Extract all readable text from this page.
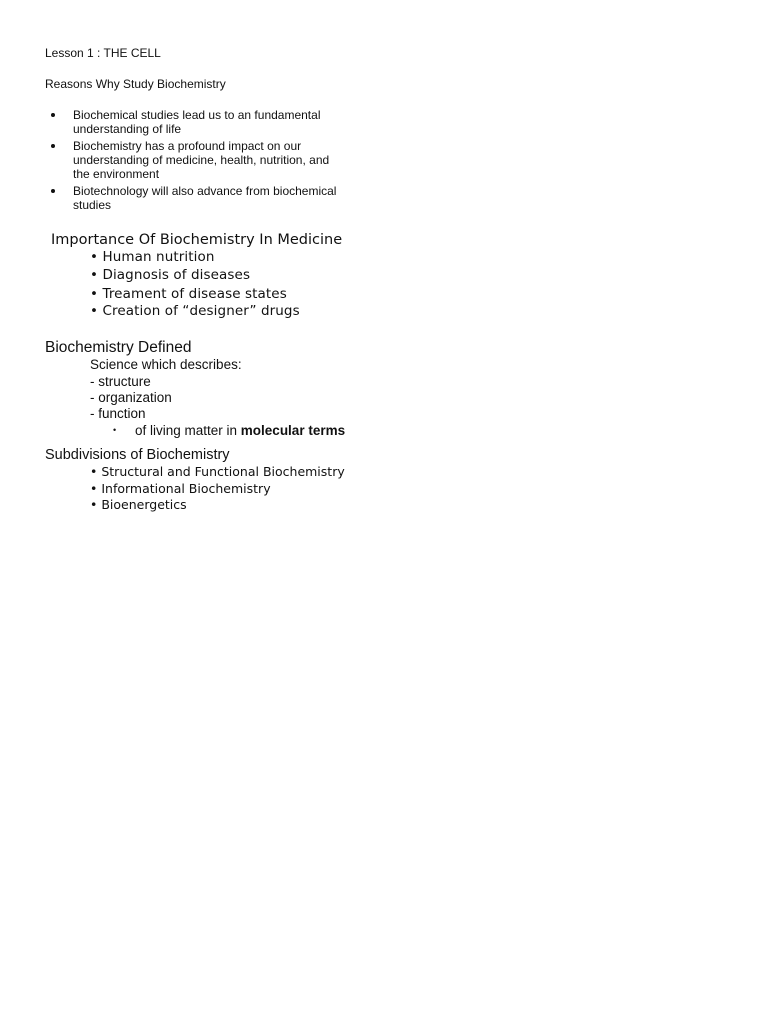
Lesson 1 : THE CELL
Reasons Why Study Biochemistry
Biochemical studies lead us to an fundamental
understanding of life
Biochemistry has a profound impact on our
understanding of medicine, health, nutrition, and
the environment
Biotechnology will also advance from biochemical
studies
Importance Of Biochemistry In Medicine
• Human nutrition
• Diagnosis of diseases
• Treament of disease states
• Creation of “designer” drugs
Biochemistry Defined
Science which describes:
- structure
- organization
- function
• of living matter in molecular terms
Subdivisions of Biochemistry
• Structural and Functional Biochemistry
• Informational Biochemistry
• Bioenergetics
